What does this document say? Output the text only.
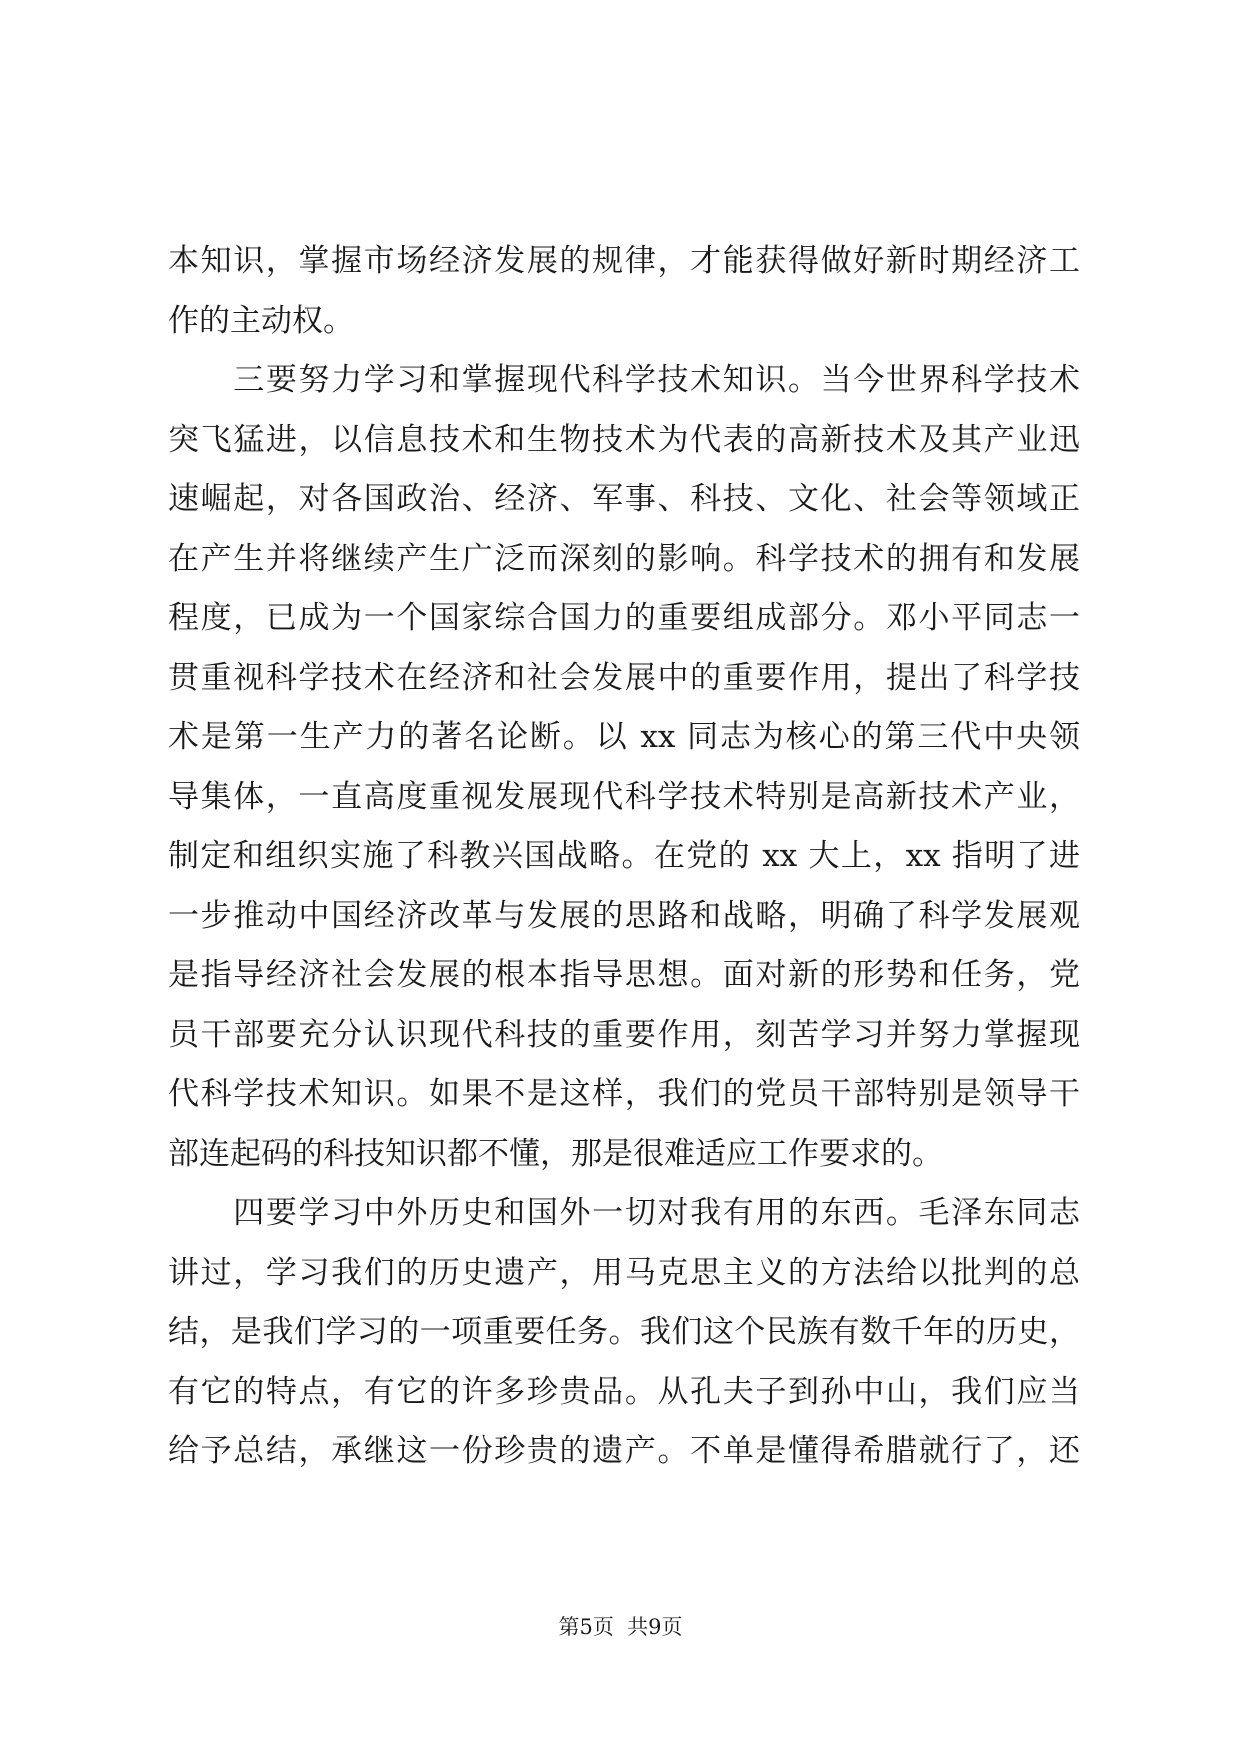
本知识，掌握市场经济发展的规律，才能获得做好新时期经济工
作的主动权。
　　三要努力学习和掌握现代科学技术知识。当今世界科学技术
突飞猛进，以信息技术和生物技术为代表的高新技术及其产业迅
速崛起，对各国政治、经济、军事、科技、文化、社会等领域正
在产生并将继续产生广泛而深刻的影响。科学技术的拥有和发展
程度，已成为一个国家综合国力的重要组成部分。邓小平同志一
贯重视科学技术在经济和社会发展中的重要作用，提出了科学技
术是第一生产力的著名论断。以 xx 同志为核心的第三代中央领
导集体，一直高度重视发展现代科学技术特别是高新技术产业，
制定和组织实施了科教兴国战略。在党的 xx 大上，xx 指明了进
一步推动中国经济改革与发展的思路和战略，明确了科学发展观
是指导经济社会发展的根本指导思想。面对新的形势和任务，党
员干部要充分认识现代科技的重要作用，刻苦学习并努力掌握现
代科学技术知识。如果不是这样，我们的党员干部特别是领导干
部连起码的科技知识都不懂，那是很难适应工作要求的。
　　四要学习中外历史和国外一切对我有用的东西。毛泽东同志
讲过，学习我们的历史遗产，用马克思主义的方法给以批判的总
结，是我们学习的一项重要任务。我们这个民族有数千年的历史，
有它的特点，有它的许多珍贵品。从孔夫子到孙中山，我们应当
给予总结，承继这一份珍贵的遗产。不单是懂得希腊就行了，还
第5页  共9页
